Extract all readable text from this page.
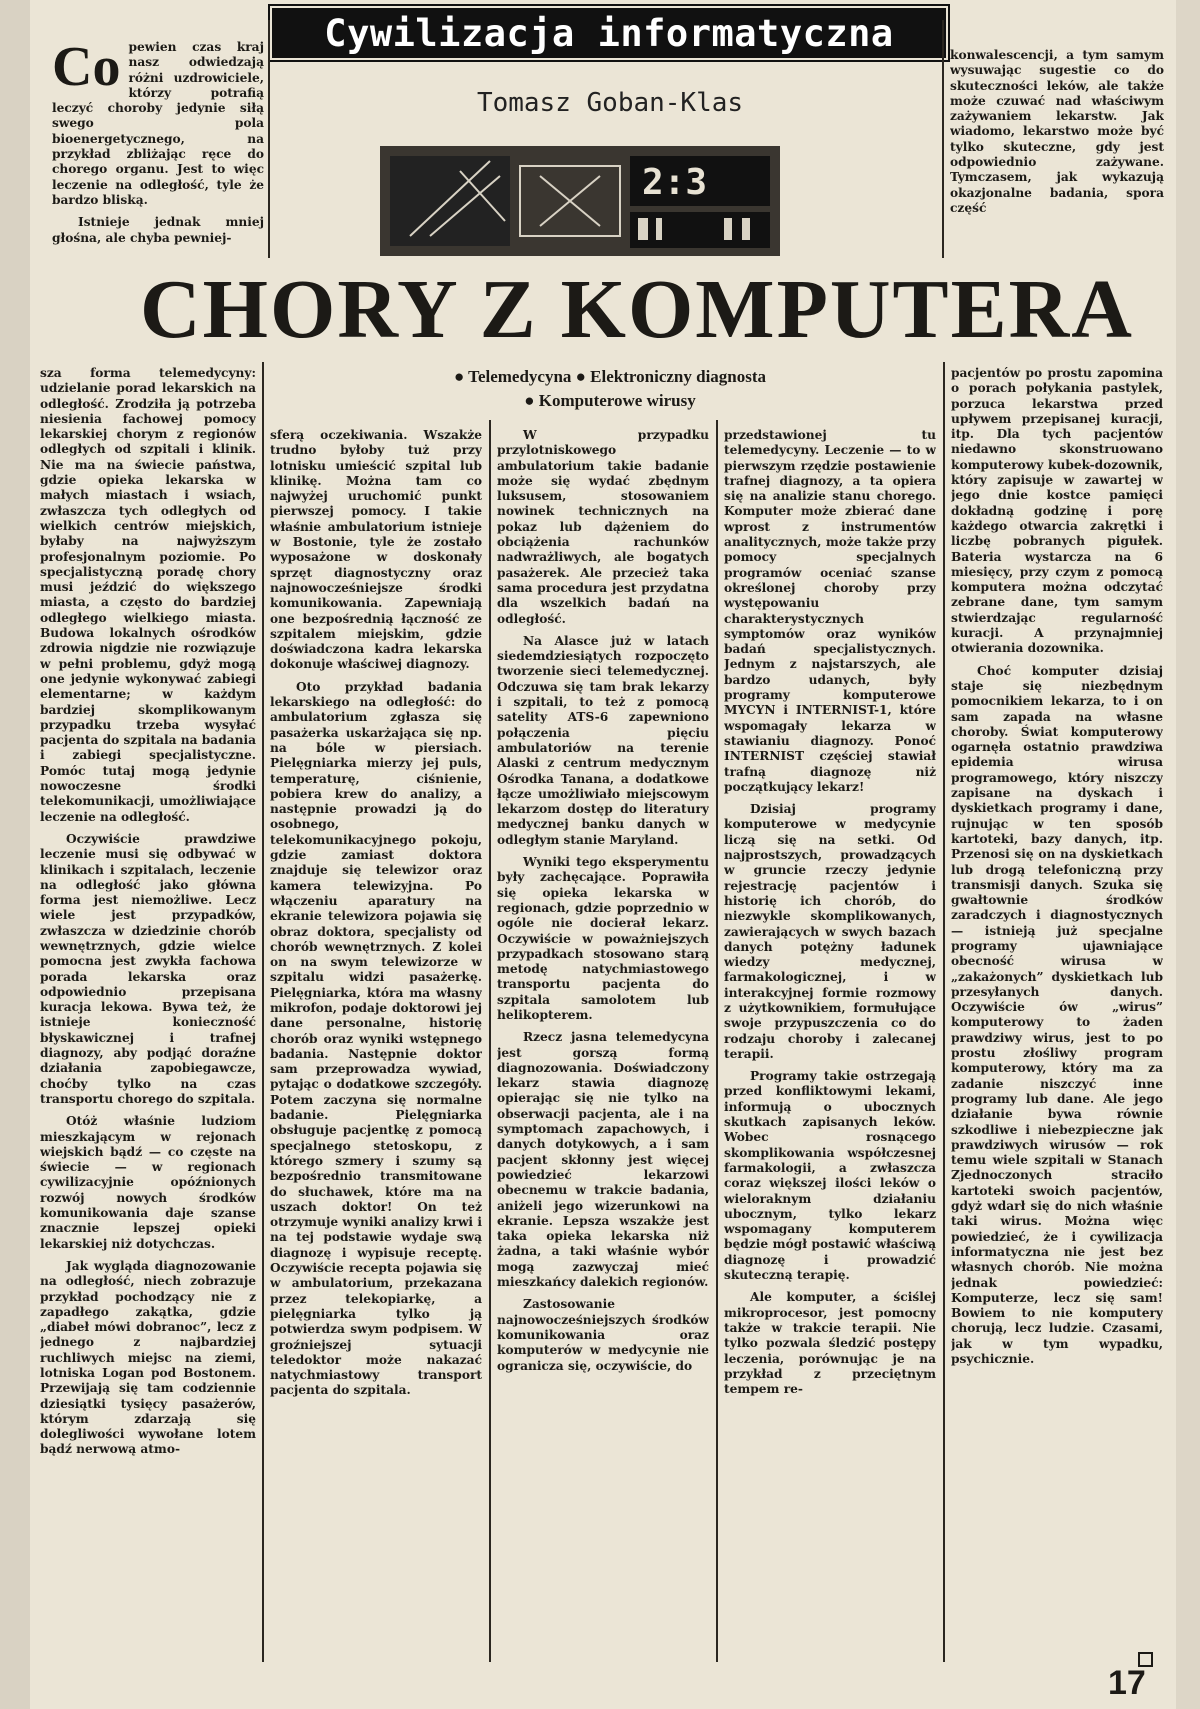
Cywilizacja informatyczna
Tomasz Goban-Klas
2:3
CHORY Z KOMPUTERA
● Telemedycyna ● Elektroniczny diagnosta
● Komputerowe wirusy
Co pewien czas kraj nasz odwiedzają różni uzdrowiciele, którzy potrafią leczyć choroby jedynie siłą swego pola bioenergetycznego, na przykład zbliżając ręce do chorego organu. Jest to więc leczenie na odległość, tyle że bardzo bliską.

Istnieje jednak mniej głośna, ale chyba pewniej-

konwalescencji, a tym samym wysuwając sugestie co do skuteczności leków, ale także może czuwać nad właściwym zażywaniem lekarstw. Jak wiadomo, lekarstwo może być tylko skuteczne, gdy jest odpowiednio zażywane. Tymczasem, jak wykazują okazjonalne badania, spora część

sza forma telemedycyny: udzielanie porad lekarskich na odległość. Zrodziła ją potrzeba niesienia fachowej pomocy lekarskiej chorym z regionów odległych od szpitali i klinik. Nie ma na świecie państwa, gdzie opieka lekarska w małych miastach i wsiach, zwłaszcza tych odległych od wielkich centrów miejskich, byłaby na najwyższym profesjonalnym poziomie. Po specjalistyczną poradę chory musi jeździć do większego miasta, a często do bardziej odległego wielkiego miasta. Budowa lokalnych ośrodków zdrowia nigdzie nie rozwiązuje w pełni problemu, gdyż mogą one jedynie wykonywać zabiegi elementarne; w każdym bardziej skomplikowanym przypadku trzeba wysyłać pacjenta do szpitala na badania i zabiegi specjalistyczne. Pomóc tutaj mogą jedynie nowoczesne środki telekomunikacji, umożliwiające leczenie na odległość.

Oczywiście prawdziwe leczenie musi się odbywać w klinikach i szpitalach, leczenie na odległość jako główna forma jest niemożliwe. Lecz wiele jest przypadków, zwłaszcza w dziedzinie chorób wewnętrznych, gdzie wielce pomocna jest zwykła fachowa porada lekarska oraz odpowiednio przepisana kuracja lekowa. Bywa też, że istnieje konieczność błyskawicznej i trafnej diagnozy, aby podjąć doraźne działania zapobiegawcze, choćby tylko na czas transportu chorego do szpitala.

Otóż właśnie ludziom mieszkającym w rejonach wiejskich bądź — co częste na świecie — w regionach cywilizacyjnie opóźnionych rozwój nowych środków komunikowania daje szanse znacznie lepszej opieki lekarskiej niż dotychczas.

Jak wygląda diagnozowanie na odległość, niech zobrazuje przykład pochodzący nie z zapadłego zakątka, gdzie „diabeł mówi dobranoc”, lecz z jednego z najbardziej ruchliwych miejsc na ziemi, lotniska Logan pod Bostonem. Przewijają się tam codziennie dziesiątki tysięcy pasażerów, którym zdarzają się dolegliwości wywołane lotem bądź nerwową atmo-

sferą oczekiwania. Wszakże trudno byłoby tuż przy lotnisku umieścić szpital lub klinikę. Można tam co najwyżej uruchomić punkt pierwszej pomocy. I takie właśnie ambulatorium istnieje w Bostonie, tyle że zostało wyposażone w doskonały sprzęt diagnostyczny oraz najnowocześniejsze środki komunikowania. Zapewniają one bezpośrednią łączność ze szpitalem miejskim, gdzie doświadczona kadra lekarska dokonuje właściwej diagnozy.

Oto przykład badania lekarskiego na odległość: do ambulatorium zgłasza się pasażerka uskarżająca się np. na bóle w piersiach. Pielęgniarka mierzy jej puls, temperaturę, ciśnienie, pobiera krew do analizy, a następnie prowadzi ją do osobnego, telekomunikacyjnego pokoju, gdzie zamiast doktora znajduje się telewizor oraz kamera telewizyjna. Po włączeniu aparatury na ekranie telewizora pojawia się obraz doktora, specjalisty od chorób wewnętrznych. Z kolei on na swym telewizorze w szpitalu widzi pasażerkę. Pielęgniarka, która ma własny mikrofon, podaje doktorowi jej dane personalne, historię chorób oraz wyniki wstępnego badania. Następnie doktor sam przeprowadza wywiad, pytając o dodatkowe szczegóły. Potem zaczyna się normalne badanie. Pielęgniarka obsługuje pacjentkę z pomocą specjalnego stetoskopu, z którego szmery i szumy są bezpośrednio transmitowane do słuchawek, które ma na uszach doktor! On też otrzymuje wyniki analizy krwi i na tej podstawie wydaje swą diagnozę i wypisuje receptę. Oczywiście recepta pojawia się w ambulatorium, przekazana przez telekopiarkę, a pielęgniarka tylko ją potwierdza swym podpisem. W groźniejszej sytuacji teledoktor może nakazać natychmiastowy transport pacjenta do szpitala.

W przypadku przylotniskowego ambulatorium takie badanie może się wydać zbędnym luksusem, stosowaniem nowinek technicznych na pokaz lub dążeniem do obciążenia rachunków nadwrażliwych, ale bogatych pasażerek. Ale przecież taka sama procedura jest przydatna dla wszelkich badań na odległość.

Na Alasce już w latach siedemdziesiątych rozpoczęto tworzenie sieci telemedycznej. Odczuwa się tam brak lekarzy i szpitali, to też z pomocą satelity ATS-6 zapewniono połączenia pięciu ambulatoriów na terenie Alaski z centrum medycznym Ośrodka Tanana, a dodatkowe łącze umożliwiało miejscowym lekarzom dostęp do literatury medycznej banku danych w odległym stanie Maryland.

Wyniki tego eksperymentu były zachęcające. Poprawiła się opieka lekarska w regionach, gdzie poprzednio w ogóle nie docierał lekarz. Oczywiście w poważniejszych przypadkach stosowano starą metodę natychmiastowego transportu pacjenta do szpitala samolotem lub helikopterem.

Rzecz jasna telemedycyna jest gorszą formą diagnozowania. Doświadczony lekarz stawia diagnozę opierając się nie tylko na obserwacji pacjenta, ale i na symptomach zapachowych, i danych dotykowych, a i sam pacjent skłonny jest więcej powiedzieć lekarzowi obecnemu w trakcie badania, aniżeli jego wizerunkowi na ekranie. Lepsza wszakże jest taka opieka lekarska niż żadna, a taki właśnie wybór mogą zazwyczaj mieć mieszkańcy dalekich regionów.

Zastosowanie najnowocześniejszych środków komunikowania oraz komputerów w medycynie nie ogranicza się, oczywiście, do

przedstawionej tu telemedycyny. Leczenie — to w pierwszym rzędzie postawienie trafnej diagnozy, a ta opiera się na analizie stanu chorego. Komputer może zbierać dane wprost z instrumentów analitycznych, może także przy pomocy specjalnych programów oceniać szanse określonej choroby przy występowaniu charakterystycznych symptomów oraz wyników badań specjalistycznych. Jednym z najstarszych, ale bardzo udanych, były programy komputerowe MYCYN i INTERNIST-1, które wspomagały lekarza w stawianiu diagnozy. Ponoć INTERNIST częściej stawiał trafną diagnozę niż początkujący lekarz!

Dzisiaj programy komputerowe w medycynie liczą się na setki. Od najprostszych, prowadzących w gruncie rzeczy jedynie rejestrację pacjentów i historię ich chorób, do niezwykle skomplikowanych, zawierających w swych bazach danych potężny ładunek wiedzy medycznej, farmakologicznej, i w interakcyjnej formie rozmowy z użytkownikiem, formułujące swoje przypuszczenia co do rodzaju choroby i zalecanej terapii.

Programy takie ostrzegają przed konfliktowymi lekami, informują o ubocznych skutkach zapisanych leków. Wobec rosnącego skomplikowania współczesnej farmakologii, a zwłaszcza coraz większej ilości leków o wieloraknym działaniu ubocznym, tylko lekarz wspomagany komputerem będzie mógł postawić właściwą diagnozę i prowadzić skuteczną terapię.

Ale komputer, a ściślej mikroprocesor, jest pomocny także w trakcie terapii. Nie tylko pozwala śledzić postępy leczenia, porównując je na przykład z przeciętnym tempem re-

pacjentów po prostu zapomina o porach połykania pastylek, porzuca lekarstwa przed upływem przepisanej kuracji, itp. Dla tych pacjentów niedawno skonstruowano komputerowy kubek-dozownik, który zapisuje w zawartej w jego dnie kostce pamięci dokładną godzinę i porę każdego otwarcia zakrętki i liczbę pobranych pigułek. Bateria wystarcza na 6 miesięcy, przy czym z pomocą komputera można odczytać zebrane dane, tym samym stwierdzając regularność kuracji. A przynajmniej otwierania dozownika.

Choć komputer dzisiaj staje się niezbędnym pomocnikiem lekarza, to i on sam zapada na własne choroby. Świat komputerowy ogarnęła ostatnio prawdziwa epidemia wirusa programowego, który niszczy zapisane na dyskach i dyskietkach programy i dane, rujnując w ten sposób kartoteki, bazy danych, itp. Przenosi się on na dyskietkach lub drogą telefoniczną przy transmisji danych. Szuka się gwałtownie środków zaradczych i diagnostycznych — istnieją już specjalne programy ujawniające obecność wirusa w „zakażonych” dyskietkach lub przesyłanych danych. Oczywiście ów „wirus” komputerowy to żaden prawdziwy wirus, jest to po prostu złośliwy program komputerowy, który ma za zadanie niszczyć inne programy lub dane. Ale jego działanie bywa równie szkodliwe i niebezpieczne jak prawdziwych wirusów — rok temu wiele szpitali w Stanach Zjednoczonych straciło kartoteki swoich pacjentów, gdyż wdarł się do nich właśnie taki wirus. Można więc powiedzieć, że i cywilizacja informatyczna nie jest bez własnych chorób. Nie można jednak powiedzieć: Komputerze, lecz się sam! Bowiem to nie komputery chorują, lecz ludzie. Czasami, jak w tym wypadku, psychicznie.

17
